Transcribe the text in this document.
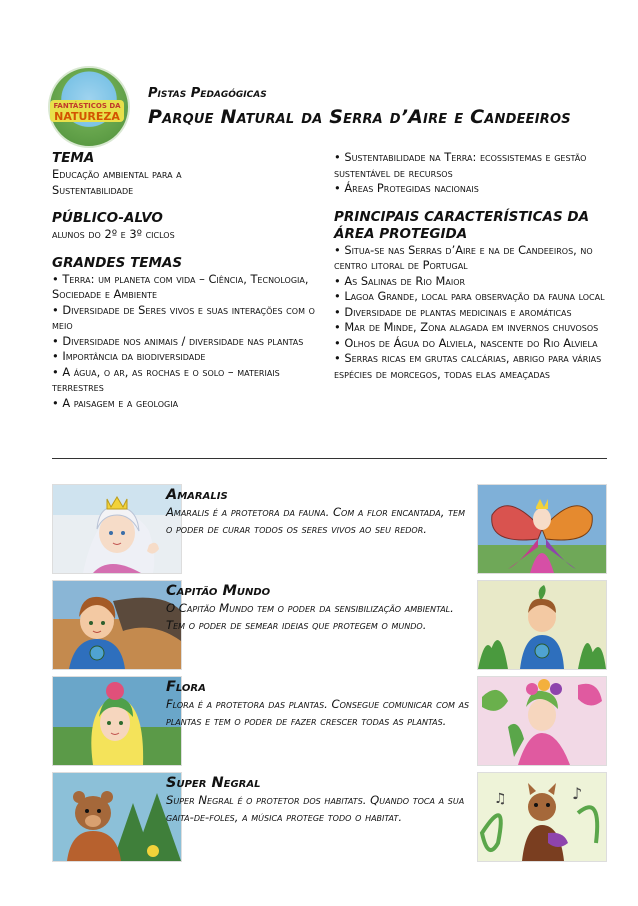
FANTÁSTICOS DA
NATUREZA
Pistas Pedagógicas
Parque Natural da Serra d’Aire e Candeeiros
TEMA
Educação ambiental para a
Sustentabilidade
PÚBLICO-ALVO
alunos do 2º e 3º ciclos
GRANDES TEMAS
• Terra: um planeta com vida – Ciência, Tecnologia, Sociedade e Ambiente
• Diversidade de Seres vivos e suas interações com o meio
• Diversidade nos animais / diversidade nas plantas
• Importância da biodiversidade
• A água, o ar, as rochas e o solo – materiais terrestres
• A paisagem e a geologia
• Sustentabilidade na Terra: ecossistemas e gestão sustentável de recursos
• Áreas Protegidas nacionais
PRINCIPAIS CARACTERÍSTICAS DA ÁREA PROTEGIDA
• Situa-se nas Serras d’Aire e na de Candeeiros, no centro litoral de Portugal
• As Salinas de Rio Maior
• Lagoa Grande, local para observação da fauna local
• Diversidade de plantas medicinais e aromáticas
• Mar de Minde, Zona alagada em invernos chuvosos
• Olhos de Água do Alviela, nascente do Rio Alviela
• Serras ricas em grutas calcárias, abrigo para várias espécies de morcegos, todas elas ameaçadas
Amaralis
Amaralis é a protetora da fauna. Com a flor encantada, tem o poder de curar todos os seres vivos ao seu redor.
Capitão Mundo
O Capitão Mundo tem o poder da sensibilização ambiental. Tem o poder de semear ideias que protegem o mundo.
Flora
Flora é a protetora das plantas. Consegue comunicar com as plantas e tem o poder de fazer crescer todas as plantas.
Super Negral
Super Negral é o protetor dos habitats. Quando toca a sua gaita-de-foles, a música protege todo o habitat.
♪
♫
